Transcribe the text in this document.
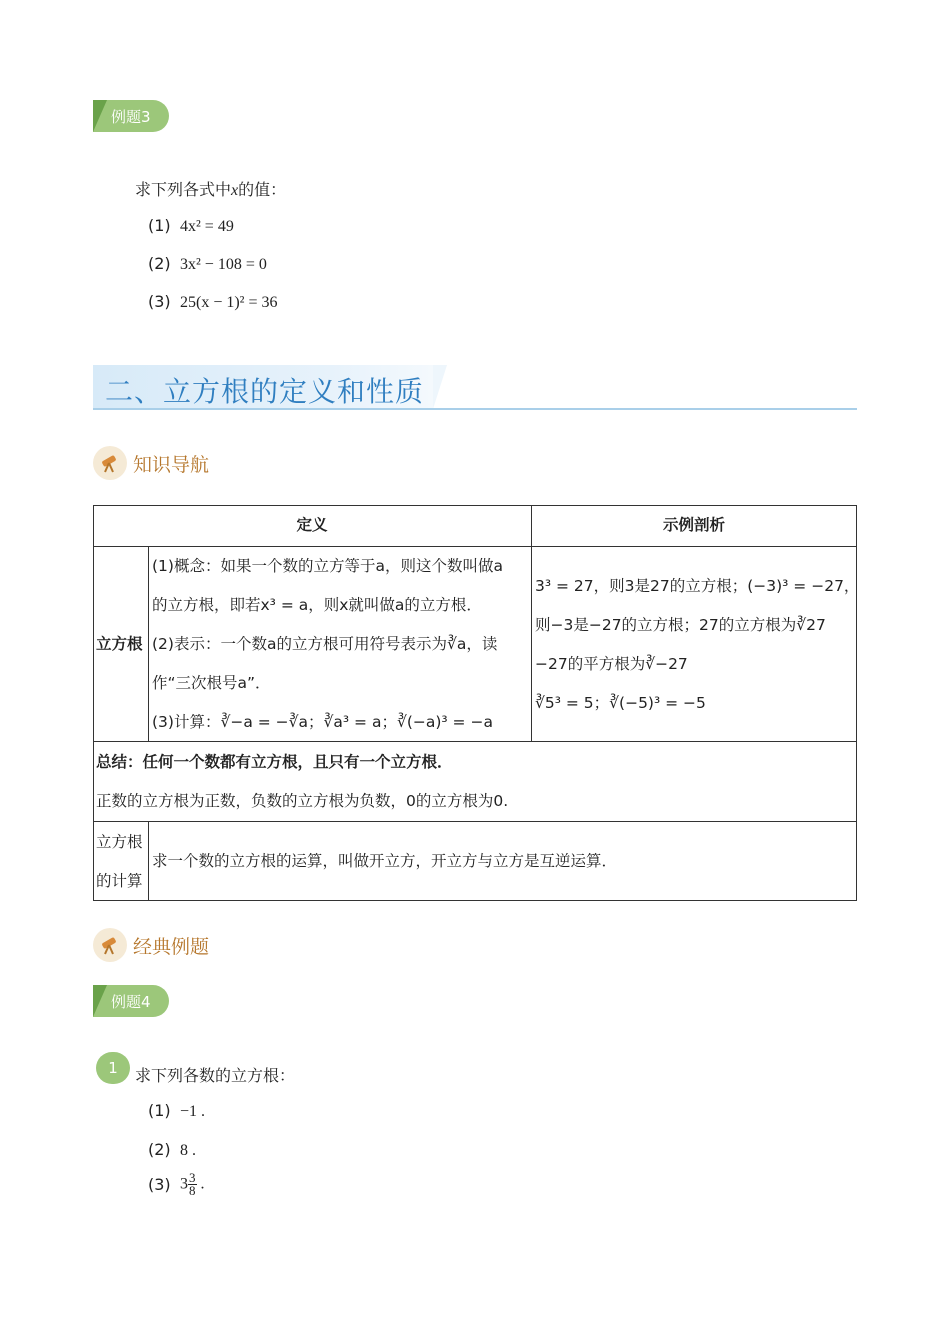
例题3
求下列各式中x的值：
(1) 4x² = 49
(2) 3x² − 108 = 0
(3) 25(x − 1)² = 36
二、立方根的定义和性质
知识导航
定义	示例剖析
立方根
(1)概念：如果一个数的立方等于a，则这个数叫做a
的立方根，即若x³ = a，则x就叫做a的立方根．
(2)表示：一个数a的立方根可用符号表示为∛a，读
作“三次根号a”．
(3)计算：∛−a = −∛a；∛a³ = a；∛(−a)³ = −a
3³ = 27，则3是27的立方根；(−3)³ = −27，
则−3是−27的立方根；27的立方根为∛27
−27的平方根为∛−27
∛5³ = 5；∛(−5)³ = −5
总结：任何一个数都有立方根，且只有一个立方根．
正数的立方根为正数，负数的立方根为负数，0的立方根为0.
立方根
的计算
求一个数的立方根的运算，叫做开立方，开立方与立方是互逆运算．
经典例题
例题4
1	求下列各数的立方根：
(1) −1 .
(2) 8 .
(3) $3 \frac{3}{8}$ .
